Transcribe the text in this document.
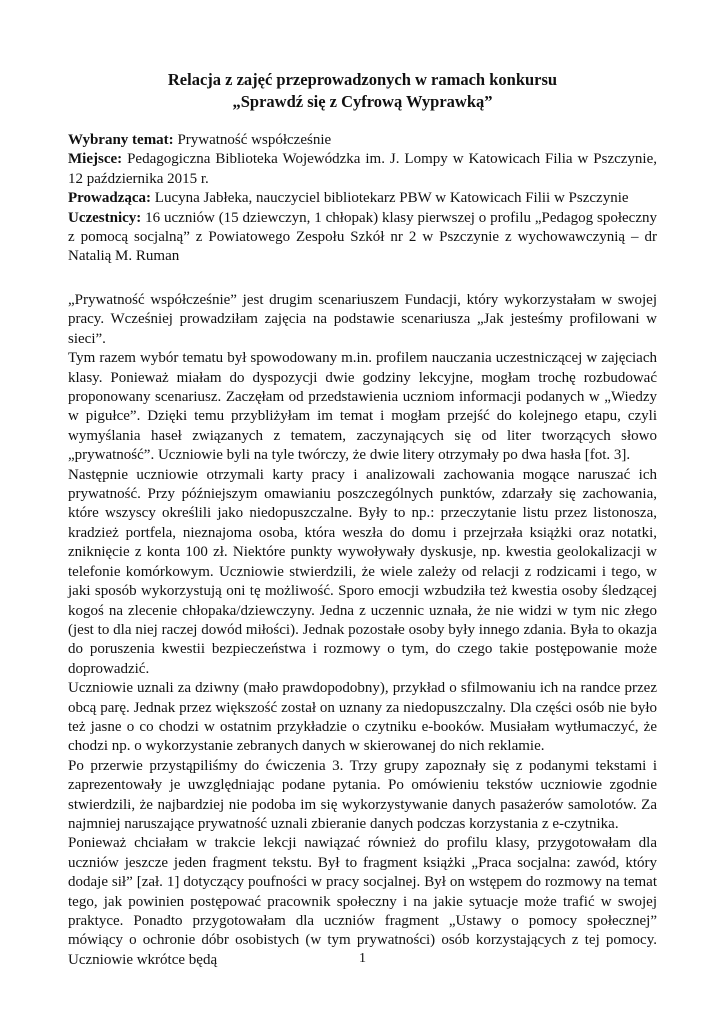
Relacja z zajęć przeprowadzonych w ramach konkursu
„Sprawdź się z Cyfrową Wyprawką”

Wybrany temat: Prywatność współcześnie

Miejsce: Pedagogiczna Biblioteka Wojewódzka im. J. Lompy w Katowicach Filia w Pszczynie, 12 października 2015 r.

Prowadząca: Lucyna Jabłeka, nauczyciel bibliotekarz PBW w Katowicach Filii w Pszczynie

Uczestnicy: 16 uczniów (15 dziewczyn, 1 chłopak) klasy pierwszej o profilu „Pedagog społeczny z pomocą socjalną” z Powiatowego Zespołu Szkół nr 2 w Pszczynie z wychowawczynią – dr Natalią M. Ruman

„Prywatność współcześnie” jest drugim scenariuszem Fundacji, który wykorzystałam w swojej pracy. Wcześniej prowadziłam zajęcia na podstawie scenariusza „Jak jesteśmy profilowani w sieci”.

Tym razem wybór tematu był spowodowany m.in. profilem nauczania uczestniczącej w zajęciach klasy. Ponieważ miałam do dyspozycji dwie godziny lekcyjne, mogłam trochę rozbudować proponowany scenariusz. Zaczęłam od przedstawienia uczniom informacji podanych w „Wiedzy w pigułce”. Dzięki temu przybliżyłam im temat i mogłam przejść do kolejnego etapu, czyli wymyślania haseł związanych z tematem, zaczynających się od liter tworzących słowo „prywatność”. Uczniowie byli na tyle twórczy, że dwie litery otrzymały po dwa hasła [fot. 3].

Następnie uczniowie otrzymali karty pracy i analizowali zachowania mogące naruszać ich prywatność. Przy późniejszym omawianiu poszczególnych punktów, zdarzały się zachowania, które wszyscy określili jako niedopuszczalne. Były to np.: przeczytanie listu przez listonosza, kradzież portfela, nieznajoma osoba, która weszła do domu i przejrzała książki oraz notatki, zniknięcie z konta 100 zł. Niektóre punkty wywoływały dyskusje, np. kwestia geolokalizacji w telefonie komórkowym. Uczniowie stwierdzili, że wiele zależy od relacji z rodzicami i tego, w jaki sposób wykorzystują oni tę możliwość. Sporo emocji wzbudziła też kwestia osoby śledzącej kogoś na zlecenie chłopaka/dziewczyny. Jedna z uczennic uznała, że nie widzi w tym nic złego (jest to dla niej raczej dowód miłości). Jednak pozostałe osoby były innego zdania. Była to okazja do poruszenia kwestii bezpieczeństwa i rozmowy o tym, do czego takie postępowanie może doprowadzić.

Uczniowie uznali za dziwny (mało prawdopodobny), przykład o sfilmowaniu ich na randce przez obcą parę. Jednak przez większość został on uznany za niedopuszczalny. Dla części osób nie było też jasne o co chodzi w ostatnim przykładzie o czytniku e-booków. Musiałam wytłumaczyć, że chodzi np. o wykorzystanie zebranych danych w skierowanej do nich reklamie.

Po przerwie przystąpiliśmy do ćwiczenia 3. Trzy grupy zapoznały się z podanymi tekstami i zaprezentowały je uwzględniając podane pytania. Po omówieniu tekstów uczniowie zgodnie stwierdzili, że najbardziej nie podoba im się wykorzystywanie danych pasażerów samolotów. Za najmniej naruszające prywatność uznali zbieranie danych podczas korzystania z e-czytnika.

Ponieważ chciałam w trakcie lekcji nawiązać również do profilu klasy, przygotowałam dla uczniów jeszcze jeden fragment tekstu. Był to fragment książki „Praca socjalna: zawód, który dodaje sił” [zał. 1] dotyczący poufności w pracy socjalnej. Był on wstępem do rozmowy na temat tego, jak powinien postępować pracownik społeczny i na jakie sytuacje może trafić w swojej praktyce. Ponadto przygotowałam dla uczniów fragment „Ustawy o pomocy społecznej” mówiący o ochronie dóbr osobistych (w tym prywatności) osób korzystających z tej pomocy. Uczniowie wkrótce będą	1
